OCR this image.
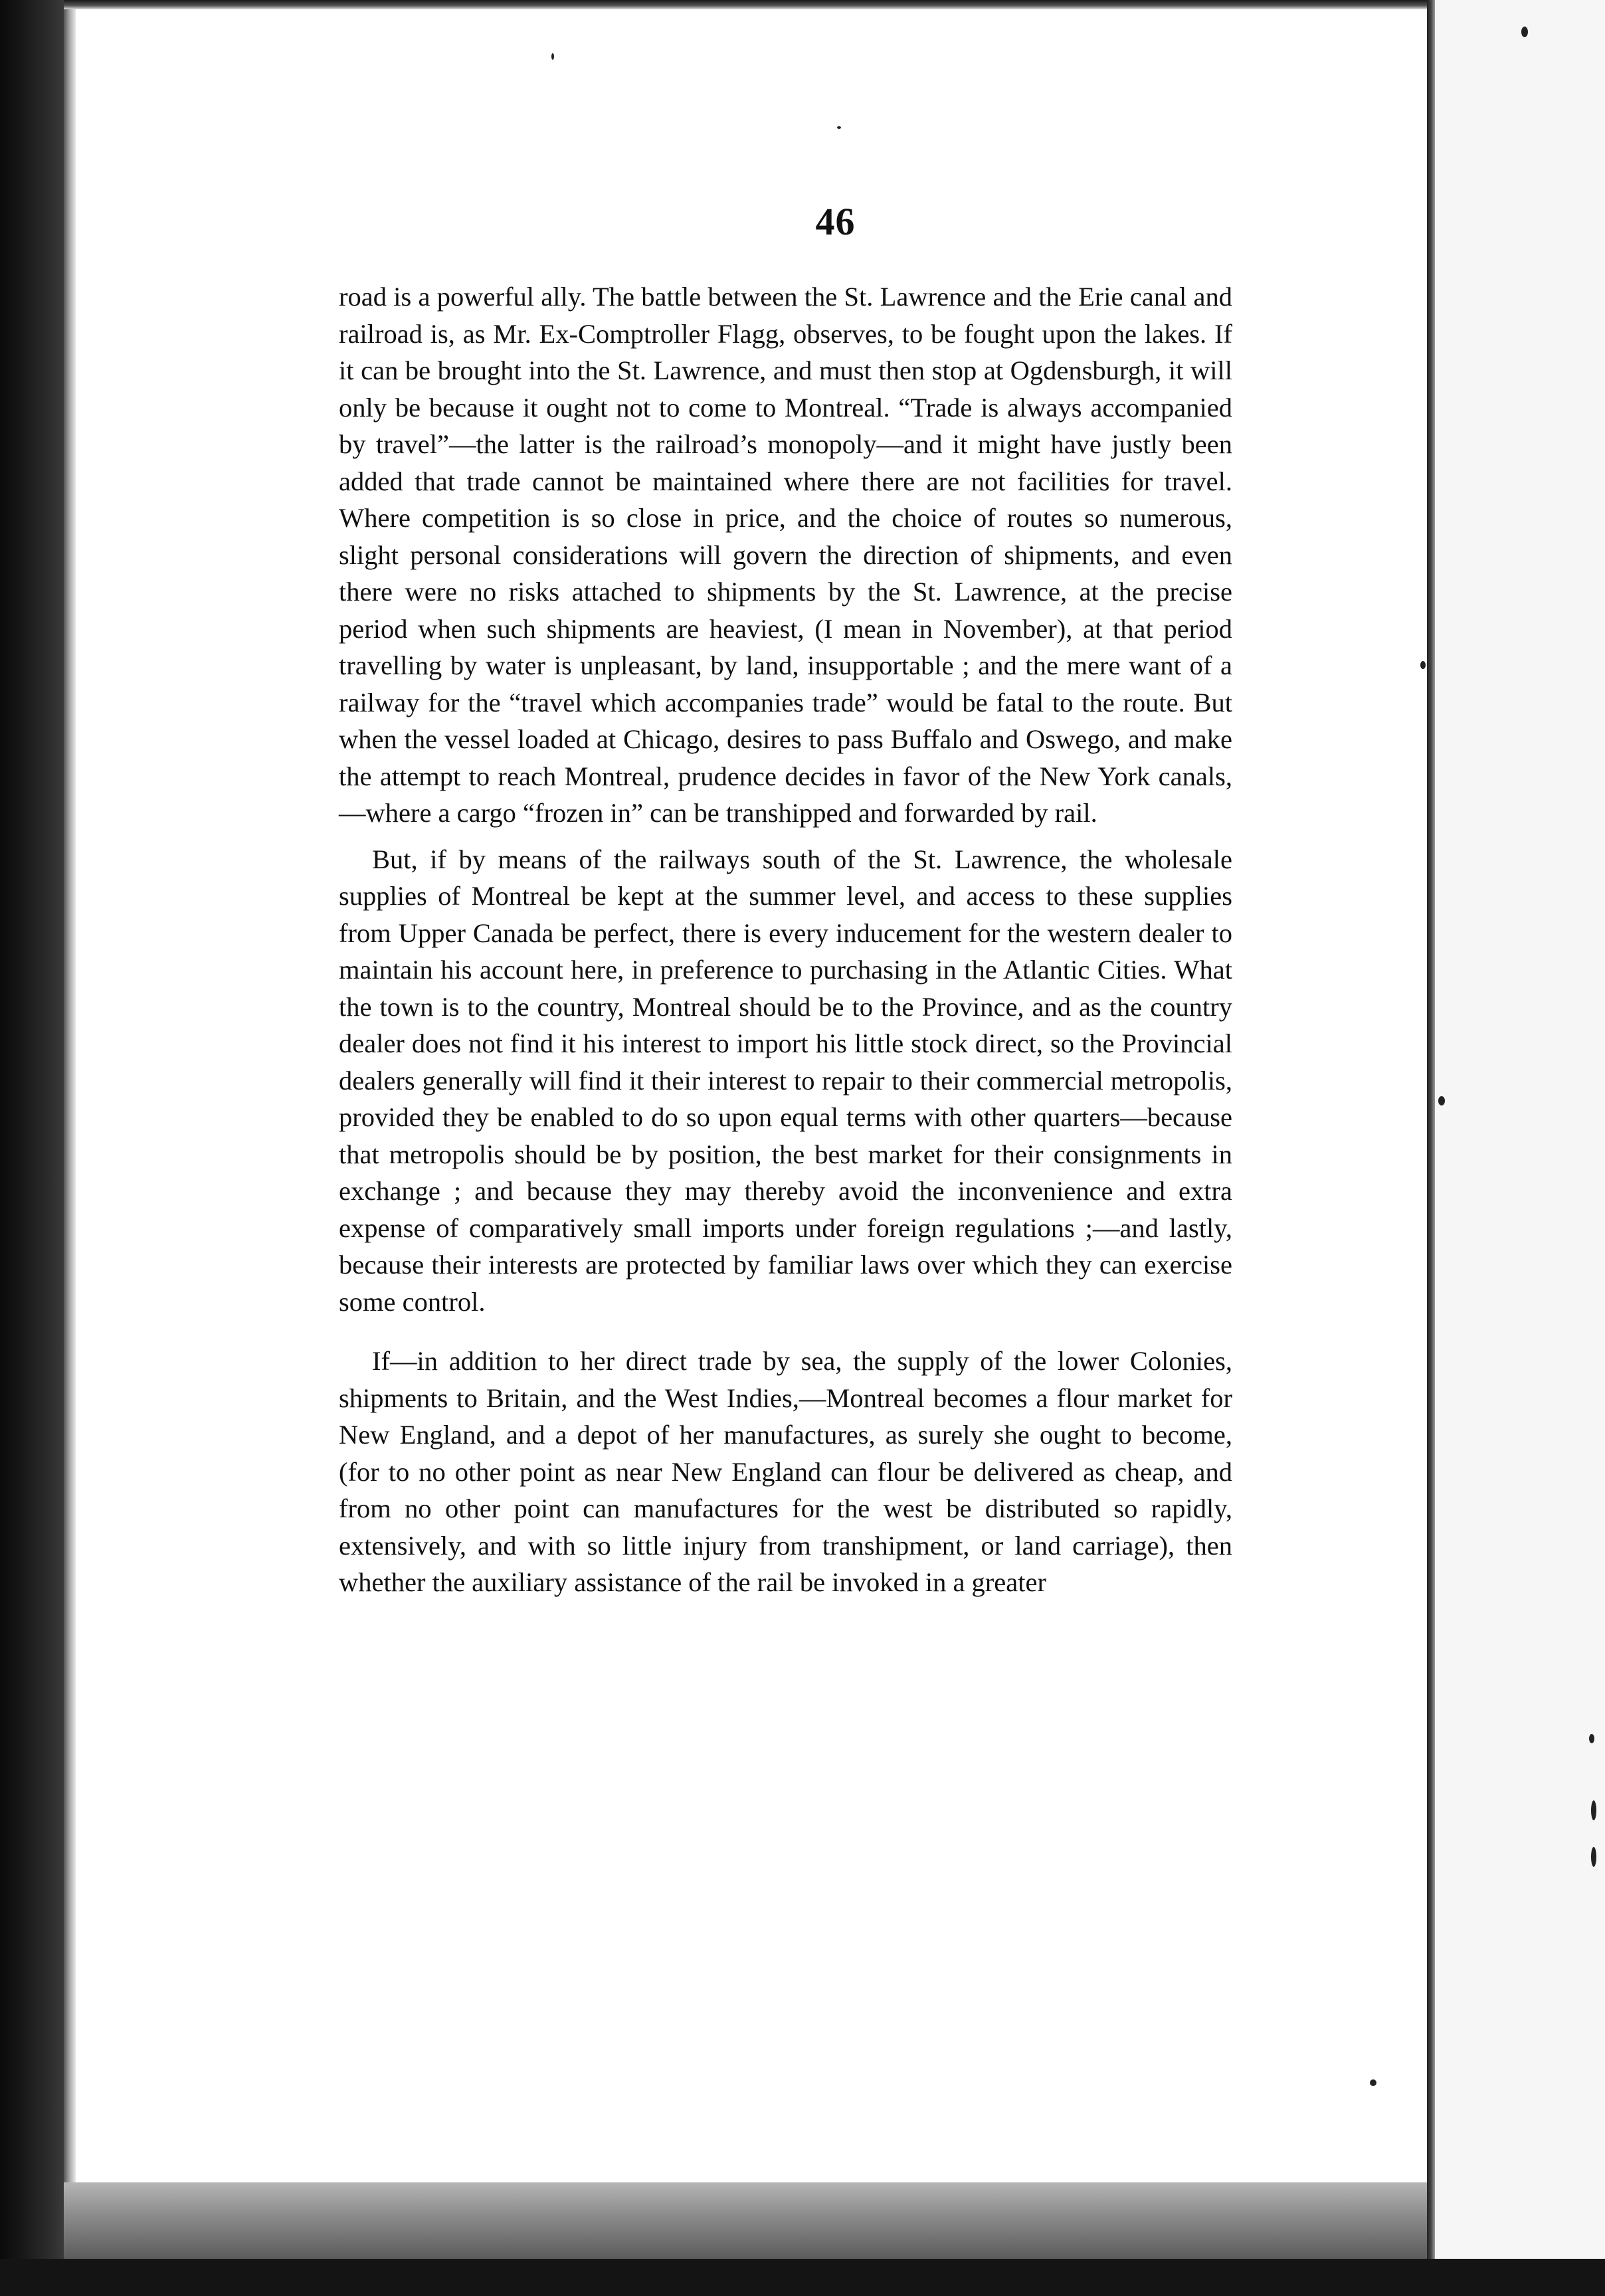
46

road is a powerful ally. The battle between the St. Lawrence and the Erie canal and railroad is, as Mr. Ex-Comptroller Flagg, observes, to be fought upon the lakes. If it can be brought into the St. Lawrence, and must then stop at Ogdensburgh, it will only be because it ought not to come to Montreal. “Trade is always accompanied by travel”—the latter is the railroad’s monopoly—and it might have justly been added that trade cannot be maintained where there are not facilities for travel. Where competition is so close in price, and the choice of routes so numerous, slight personal considerations will govern the direction of shipments, and even there were no risks attached to shipments by the St. Lawrence, at the precise period when such shipments are heaviest, (I mean in November), at that period travelling by water is unpleasant, by land, insupportable ; and the mere want of a railway for the “travel which accompanies trade” would be fatal to the route. But when the vessel loaded at Chicago, desires to pass Buffalo and Oswego, and make the attempt to reach Montreal, prudence decides in favor of the New York canals,—where a cargo “frozen in” can be transhipped and forwarded by rail.

But, if by means of the railways south of the St. Lawrence, the wholesale supplies of Montreal be kept at the summer level, and access to these supplies from Upper Canada be perfect, there is every inducement for the western dealer to maintain his account here, in preference to purchasing in the Atlantic Cities. What the town is to the country, Montreal should be to the Province, and as the country dealer does not find it his interest to import his little stock direct, so the Provincial dealers generally will find it their interest to repair to their commercial metropolis, provided they be enabled to do so upon equal terms with other quarters—because that metropolis should be by position, the best market for their consignments in exchange ; and because they may thereby avoid the inconvenience and extra expense of comparatively small imports under foreign regulations ;—and lastly, because their interests are protected by familiar laws over which they can exercise some control.

If—in addition to her direct trade by sea, the supply of the lower Colonies, shipments to Britain, and the West Indies,—Montreal becomes a flour market for New England, and a depot of her manufactures, as surely she ought to become, (for to no other point as near New England can flour be delivered as cheap, and from no other point can manufactures for the west be distributed so rapidly, extensively, and with so little injury from transhipment, or land carriage), then whether the auxiliary assistance of the rail be invoked in a greater
